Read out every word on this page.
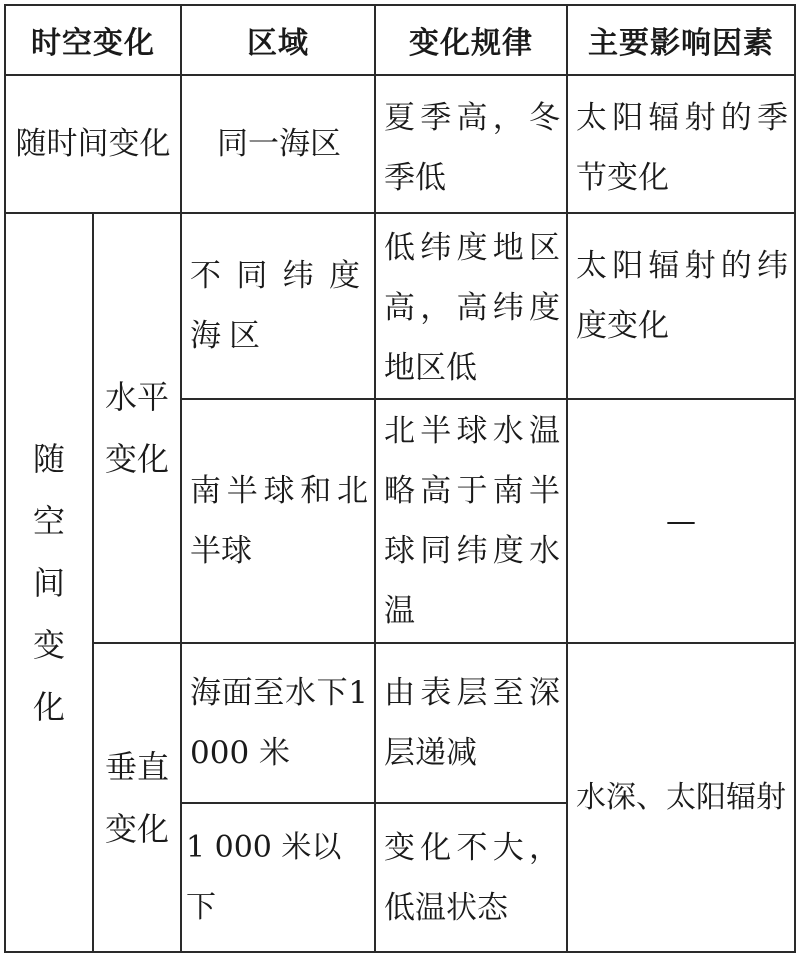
时空变化		区域	变化规律	主要影响因素
随时间变化		同一海区	夏季高，冬季低	太阳辐射的季节变化
随空间变化	水平变化	不同纬度海区	低纬度地区高，高纬度地区低	太阳辐射的纬度变化
		南半球和北半球	北半球水温略高于南半球同纬度水温	—
	垂直变化	海面至水下1 000 米	由表层至深层递减	水深、太阳辐射
		1 000 米以下	变化不大，低温状态	
